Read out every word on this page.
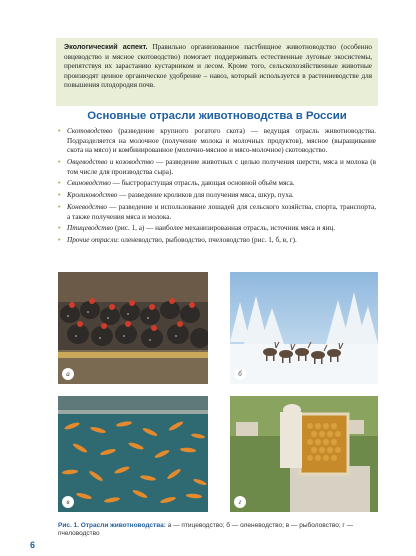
Экологический аспект. Правильно организованное пастбищное животноводство (особенно овцеводство и мясное скотоводство) помогает поддерживать естественные луговые экосистемы, препятствуя их зарастанию кустарником и лесом. Кроме того, сельскохозяйственные животные производят ценное органическое удобрение – навоз, который используется в растениеводстве для повышения плодородия почв.
Основные отрасли животноводства в России
• Скотоводство (разведение крупного рогатого скота) — ведущая отрасль животноводства. Подразделяется на молочное (получение молока и молочных продуктов), мясное (выращивание скота на мясо) и комбинированное (молочно-мясное и мясо-молочное) скотоводство.
• Овцеводство и козоводство — разведение животных с целью получения шерсти, мяса и молока (в том числе для производства сыра).
• Свиноводство — быстрорастущая отрасль, дающая основной объём мяса.
• Кролиководство — разведение кроликов для получения мяса, шкур, пуха.
• Коневодство — разведение и использование лошадей для сельского хозяйства, спорта, транспорта, а также получения мяса и молока.
• Птицеводство (рис. 1, а) — наиболее механизированная отрасль, источник мяса и яиц.
• Прочие отрасли: оленеводство, рыбоводство, пчеловодство (рис. 1, б, в, г).
а	б
в	г
Рис. 1. Отрасли животноводства: а — птицеводство; б — оленеводство; в — рыболовство; г — пчеловодство
6
